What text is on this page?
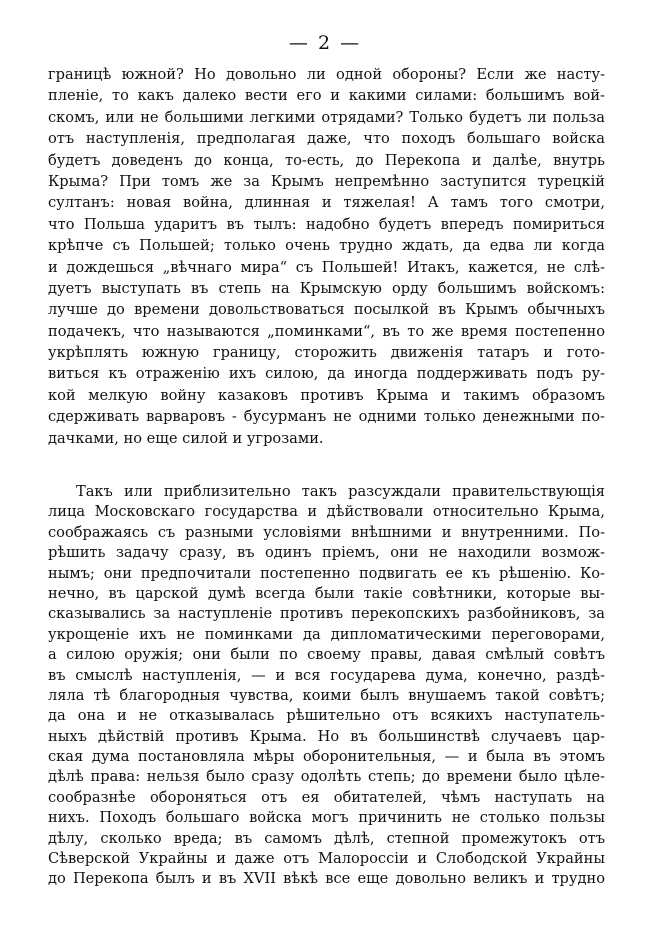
— 2 —
границѣ южной? Но довольно ли одной обороны? Если же насту-
пленіе, то какъ далеко вести его и какими силами: большимъ вой-
скомъ, или не большими легкими отрядами? Только будетъ ли польза
отъ наступленія, предполагая даже, что походъ большаго войска
будетъ доведенъ до конца, то-есть, до Перекопа и далѣе, внутрь
Крыма? При томъ же за Крымъ непремѣнно заступится турецкій
султанъ: новая война, длинная и тяжелая! А тамъ того смотри,
что Польша ударитъ въ тылъ: надобно будетъ впередъ помириться
крѣпче съ Польшей; только очень трудно ждать, да едва ли когда
и дождешься „вѣчнаго мира“ съ Польшей! Итакъ, кажется, не слѣ-
дуетъ выступать въ степь на Крымскую орду большимъ войскомъ:
лучше до времени довольствоваться посылкой въ Крымъ обычныхъ
подачекъ, что называются „поминками“, въ то же время постепенно
укрѣплять южную границу, сторожить движенія татаръ и гото-
виться къ отраженію ихъ силою, да иногда поддерживать подъ ру-
кой мелкую войну казаковъ противъ Крыма и такимъ образомъ
сдерживать варваровъ - бусурманъ не одними только денежными по-
дачками, но еще силой и угрозами.
Такъ или приблизительно такъ разсуждали правительствующія
лица Московскаго государства и дѣйствовали относительно Крыма,
соображаясь съ разными условіями внѣшними и внутренними. По-
рѣшить задачу сразу, въ одинъ пріемъ, они не находили возмож-
нымъ; они предпочитали постепенно подвигать ее къ рѣшенію. Ко-
нечно, въ царской думѣ всегда были такіе совѣтники, которые вы-
сказывались за наступленіе противъ перекопскихъ разбойниковъ, за
укрощеніе ихъ не поминками да дипломатическими переговорами,
а силою оружія; они были по своему правы, давая смѣлый совѣтъ
въ смыслѣ наступленія, — и вся государева дума, конечно, раздѣ-
ляла тѣ благородныя чувства, коими былъ внушаемъ такой совѣтъ;
да она и не отказывалась рѣшительно отъ всякихъ наступатель-
ныхъ дѣйствій противъ Крыма. Но въ большинствѣ случаевъ цар-
ская дума постановляла мѣры оборонительныя, — и была въ этомъ
дѣлѣ права: нельзя было сразу одолѣть степь; до времени было цѣле-
сообразнѣе обороняться отъ ея обитателей, чѣмъ наступать на
нихъ. Походъ большаго войска могъ причинить не столько пользы
дѣлу, сколько вреда; въ самомъ дѣлѣ, степной промежутокъ отъ
Сѣверской Украйны и даже отъ Малороссіи и Слободской Украйны
до Перекопа былъ и въ XVII вѣкѣ все еще довольно великъ и трудно
